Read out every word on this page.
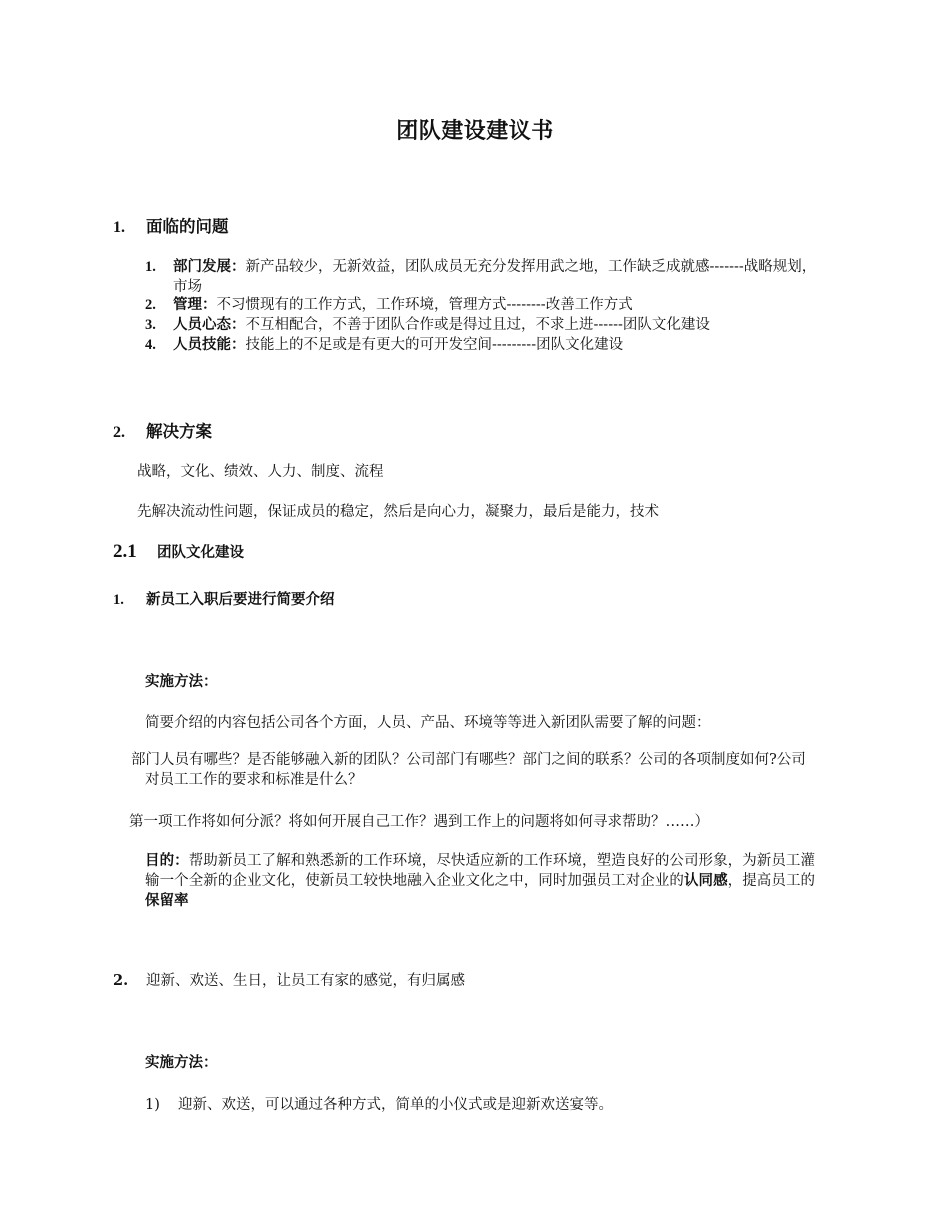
团队建设建议书
1. 面临的问题
1.	部门发展：新产品较少，无新效益，团队成员无充分发挥用武之地，工作缺乏成就感-------战略规划，市场
2.	管理：不习惯现有的工作方式，工作环境，管理方式--------改善工作方式
3.	人员心态：不互相配合，不善于团队合作或是得过且过，不求上进------团队文化建设
4.	人员技能：技能上的不足或是有更大的可开发空间---------团队文化建设
2. 解决方案
战略，文化、绩效、人力、制度、流程
先解决流动性问题，保证成员的稳定，然后是向心力，凝聚力，最后是能力，技术
2.1 团队文化建设
1. 新员工入职后要进行简要介绍
实施方法：
简要介绍的内容包括公司各个方面，人员、产品、环境等等进入新团队需要了解的问题：
部门人员有哪些？是否能够融入新的团队？公司部门有哪些？部门之间的联系？公司的各项制度如何?公司对员工工作的要求和标准是什么？
第一项工作将如何分派？将如何开展自己工作？遇到工作上的问题将如何寻求帮助？……）
目的：帮助新员工了解和熟悉新的工作环境，尽快适应新的工作环境，塑造良好的公司形象，为新员工灌输一个全新的企业文化，使新员工较快地融入企业文化之中，同时加强员工对企业的认同感，提高员工的保留率
2. 迎新、欢送、生日，让员工有家的感觉，有归属感
实施方法：
1) 迎新、欢送，可以通过各种方式，简单的小仪式或是迎新欢送宴等。
